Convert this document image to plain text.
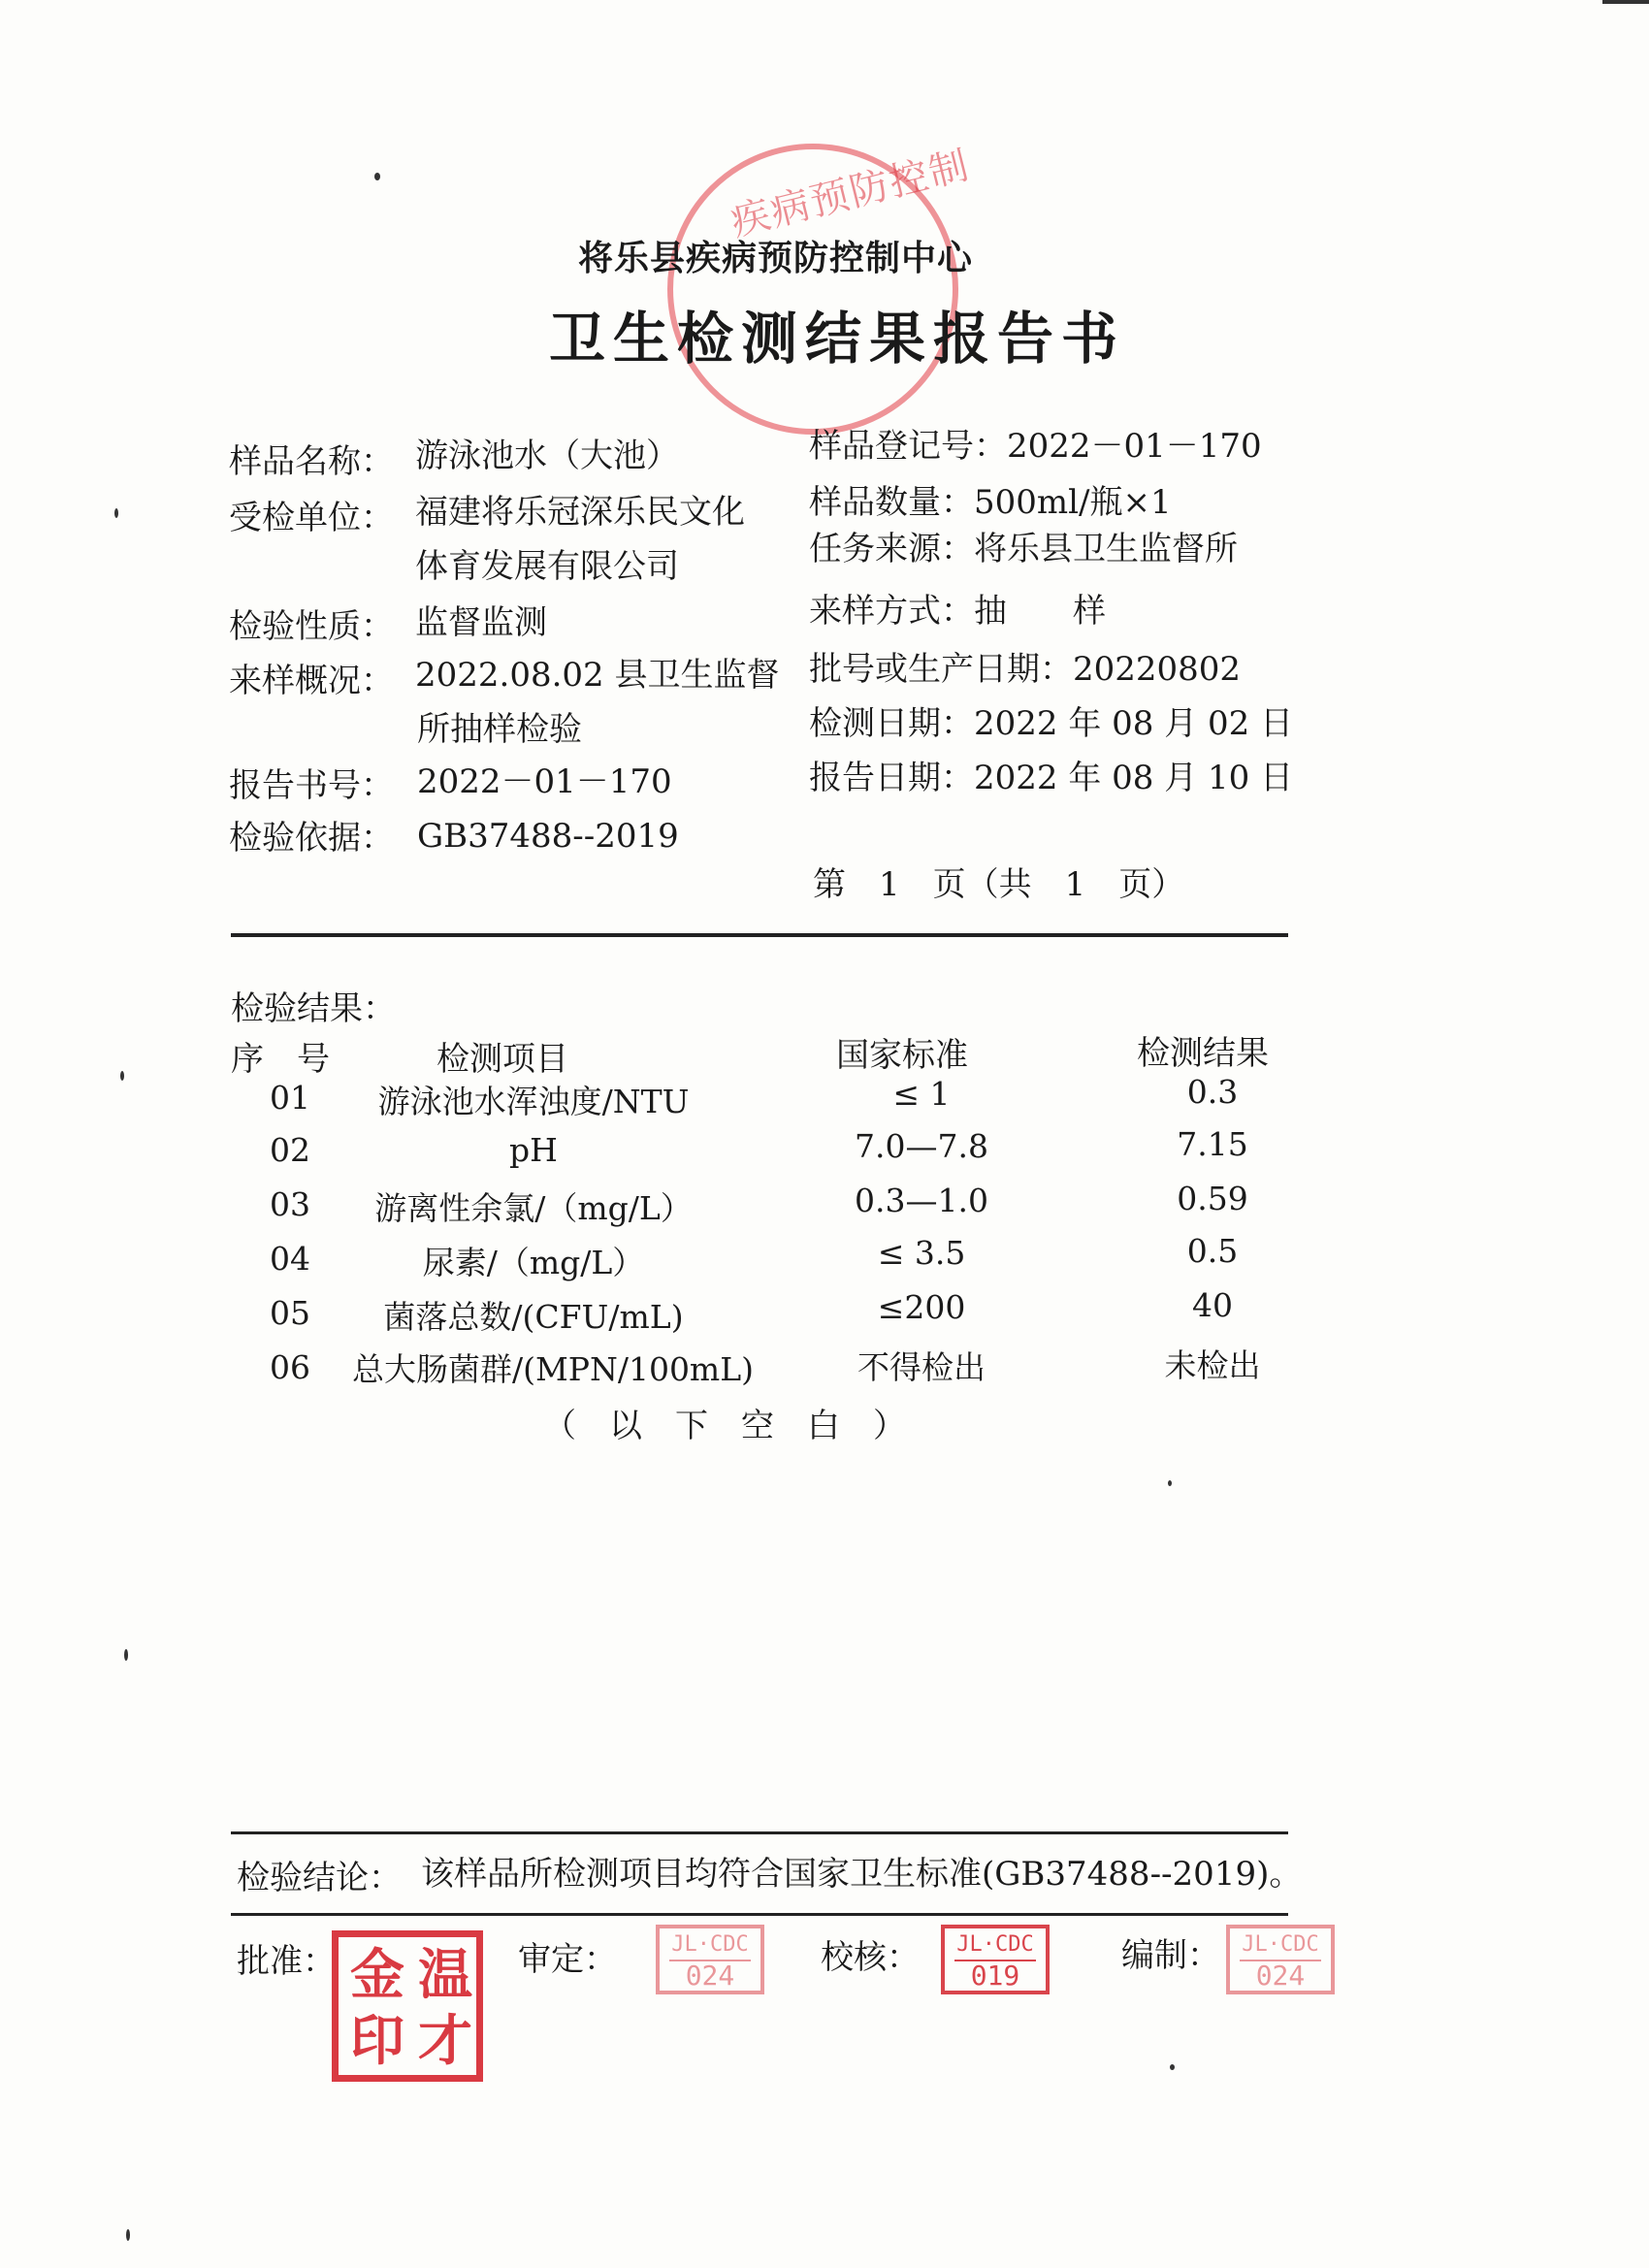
疾病预防控制
将乐县疾病预防控制中心
卫生检测结果报告书
样品名称： 游泳池水（大池）
受检单位： 福建将乐冠深乐民文化
体育发展有限公司
检验性质： 监督监测
来样概况： 2022.08.02 县卫生监督
所抽样检验
报告书号： 2022－01－170
检验依据： GB37488--2019
样品登记号：2022－01－170
样品数量：500ml/瓶×1
任务来源：将乐县卫生监督所
来样方式：抽　　样
批号或生产日期：20220802
检测日期：2022 年 08 月 02 日
报告日期：2022 年 08 月 10 日
第　1　页（共　1　页）
检验结果：
序　号	检测项目	国家标准	检测结果
01	游泳池水浑浊度/NTU	≤ 1	0.3
02	pH	7.0—7.8	7.15
03	游离性余氯/（mg/L）	0.3—1.0	0.59
04	尿素/（mg/L）	≤ 3.5	0.5
05	菌落总数/(CFU/mL)	≤200	40
06 总大肠菌群/(MPN/100mL)	不得检出	未检出
（　以　下　空　白　）
检验结论： 该样品所检测项目均符合国家卫生标准(GB37488--2019)。
批准： 金 温
印 才
审定：	JL·CDC
024	校核：	JL·CDC
019
编制：	JL·CDC
024
